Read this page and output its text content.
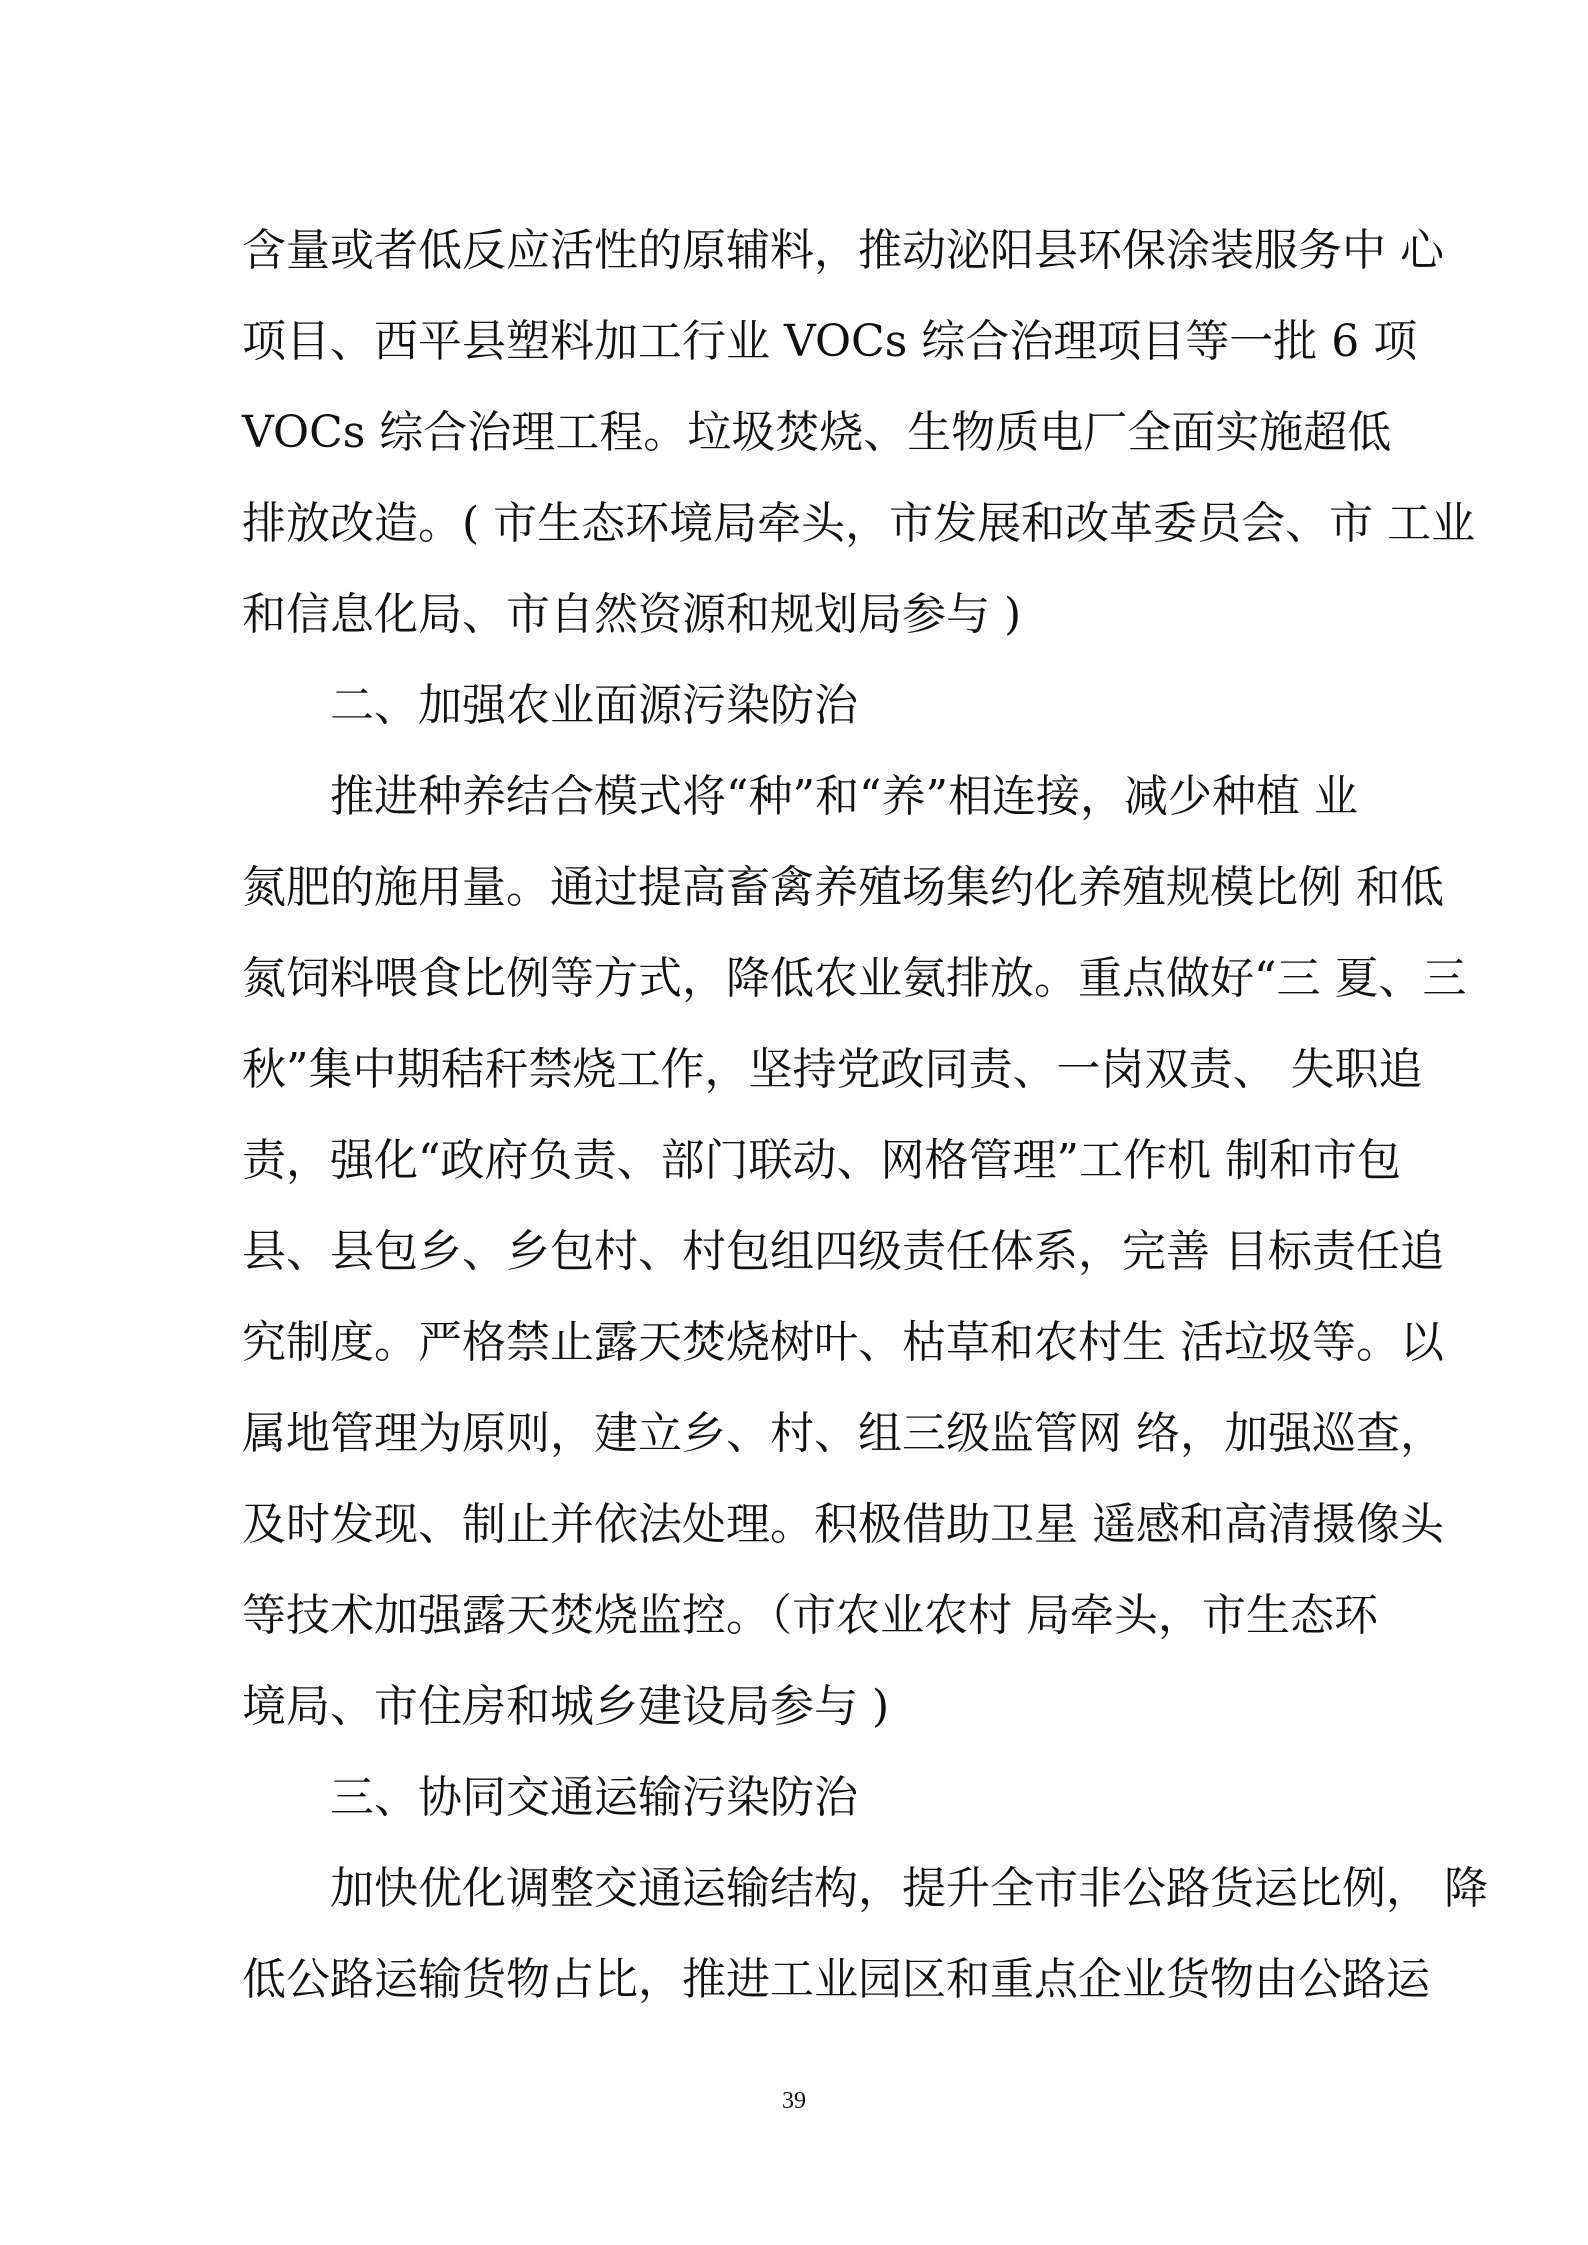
含量或者低反应活性的原辅料，推动泌阳县环保涂装服务中 心
项目、西平县塑料加工行业 VOCs 综合治理项目等一批 6 项
VOCs 综合治理工程。垃圾焚烧、生物质电厂全面实施超低
排放改造。( 市生态环境局牵头，市发展和改革委员会、市 工业
和信息化局、市自然资源和规划局参与 )
二、加强农业面源污染防治
推进种养结合模式将“种”和“养”相连接，减少种植 业
氮肥的施用量。通过提高畜禽养殖场集约化养殖规模比例 和低
氮饲料喂食比例等方式，降低农业氨排放。重点做好“三 夏、三
秋”集中期秸秆禁烧工作，坚持党政同责、一岗双责、 失职追
责，强化“政府负责、部门联动、网格管理”工作机 制和市包
县、县包乡、乡包村、村包组四级责任体系，完善 目标责任追
究制度。严格禁止露天焚烧树叶、枯草和农村生 活垃圾等。以
属地管理为原则，建立乡、村、组三级监管网 络，加强巡查，
及时发现、制止并依法处理。积极借助卫星 遥感和高清摄像头
等技术加强露天焚烧监控。（市农业农村 局牵头，市生态环
境局、市住房和城乡建设局参与 )
三、协同交通运输污染防治
加快优化调整交通运输结构，提升全市非公路货运比例， 降
低公路运输货物占比，推进工业园区和重点企业货物由公路运
39
